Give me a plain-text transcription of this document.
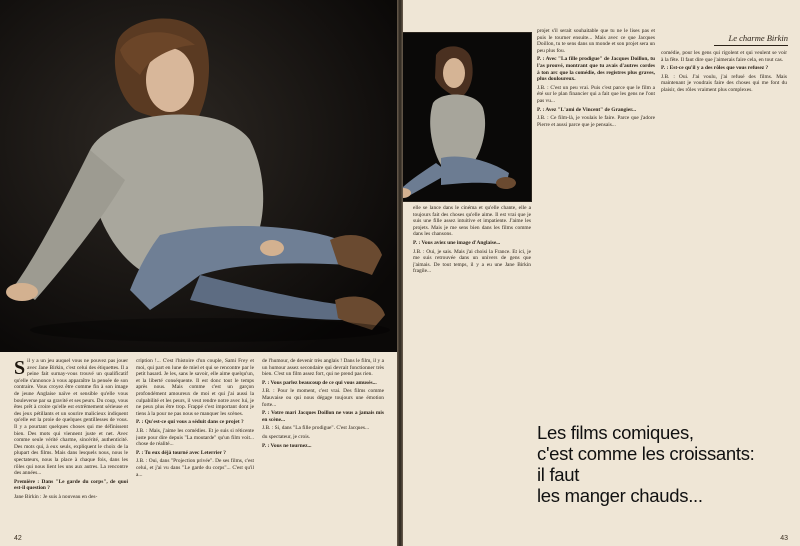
Sil y a un jeu auquel vous ne pouvez pas jouer avec Jane Birkin, c'est celui des étiquettes. Il a peine fait surnay-vous trouvé un qualificatif qu'elle s'annonce à vous apparaître la pensée de son contraire. Vous croyez être comme fin à son image de jeune Anglaise naïve et sensible qu'elle vous bouleverse par sa gravité et ses peurs. Du coup, vous êtes prêt à croire qu'elle est extrêmement sérieuse et des jeux pétillants et un sourire malicieux indiquent qu'elle est la proie de quelques gentillesses de vous. Il y a pourtant quelques choses qui me définissent bien. Des mots qui viennent juste et net. Avec comme seule vérité charme, sincérité, authenticité. Des mots qui, à eux seuls, expliquent le choix de la plupart des films. Mais dans lesquels nous, nous le spectateurs, nous la place à chaque fois, dans les rôles qui nous lient les uns aux autres. La rencontre des années...

Première : Dans "Le garde du corps", de quoi est-il question ?

Jane Birkin : Je suis à nouveau en des-

cription !... C'est l'histoire d'un couple, Sami Frey et moi, qui part en lune de miel et qui se rencontre par le petit hasard. Je les, sans le savoir, elle aime quelqu'un, et la liberté conséquente. Il est donc tout le temps après nous. Mais comme c'est un garçon profondément amoureux de moi et qui j'ai aussi la culpabilité et les peurs, il veut rendre notre avec lui, je ne peux plus être trop. Frappé c'est important dont je tiens à la pour ne pas nous se manquer les scènes.

P. : Qu'est-ce qui vous a séduit dans ce projet ?

J.B. : Mais, j'aime les comédies. Et je suis si réticente juste pour dire depuis "La moutarde" qu'un film voit... chose de réalité...

P. : Tu eux déjà tourné avec Leterrier ?

J.B. : Oui, dans "Projection privée". De ses films, c'est celui, et j'ai vu dans "Le garde du corps"... C'est qu'il a...

de l'humour, de devenir très anglais ! Dans le film, il y a un humour assez secondaire qui devrait fonctionner très bien. C'est un film assez fort, qui ne prend pas rien.

P. : Vous parlez beaucoup de ce qui vous amusés...

J.B. : Pour le moment, c'est vrai. Des films comme Mauvaise ou qui nous dégage toujours une émotion forte...

P. : Votre mari Jacques Doillon ne vous a jamais mis en scène...

J.B. : Si, dans "La fille prodigue". C'est Jacques...

du spectateur, je crois.

P. : Vous ne tournez...

42
Le charme Birkin

elle se lance dans le cinéma et qu'elle chante, elle a toujours fait des choses qu'elle aime. Il est vrai que je suis une fille assez intuitive et impatiente. J'aime les projets. Mais je me sens bien dans les films comme dans les chansons.

P. : Vous aviez une image d'Anglaise...

J.B. : Oui, je sais. Mais j'ai choisi la France. Et ici, je me suis retrouvée dans un univers de gens que j'aimais. De tout temps, il y a eu une Jane Birkin fragile...

projet s'il serait souhaitable que tu ne le lises pas et puis le tourner ensuite... Mais avec ce que Jacques Doillon, tu te sens dans un monde et son projet sera un peu plus fou.

P. : Avec "La fille prodigue" de Jacques Doillon, tu l'as prouvé, montrant que tu avais d'autres cordes à ton arc que la comédie, des registres plus graves, plus douloureux.

J.B. : C'est un peu vrai. Puis c'est parce que le film a été sur le plan financier qui a fait que les gens ne l'ont pas vu...

P. : Avez "L'ami de Vincent" de Grangier...

J.B. : Ce film-là, je voulais le faire. Parce que j'adore Pierre et aussi parce que je pensais...

comédie, pour les gens qui rigolent et qui veulent se voir à la fête. Il faut dire que j'aimerais faire cela, en tout cas.

P. : Est-ce qu'il y a des rôles que vous refusez ?

J.B. : Oui. J'ai voulu, j'ai refusé des films. Mais maintenant je voudrais faire des choses qui me font du plaisir, des rôles vraiment plus complexes.

43
Les films comiques,
c'est comme les croissants:
il faut
les manger chauds...
